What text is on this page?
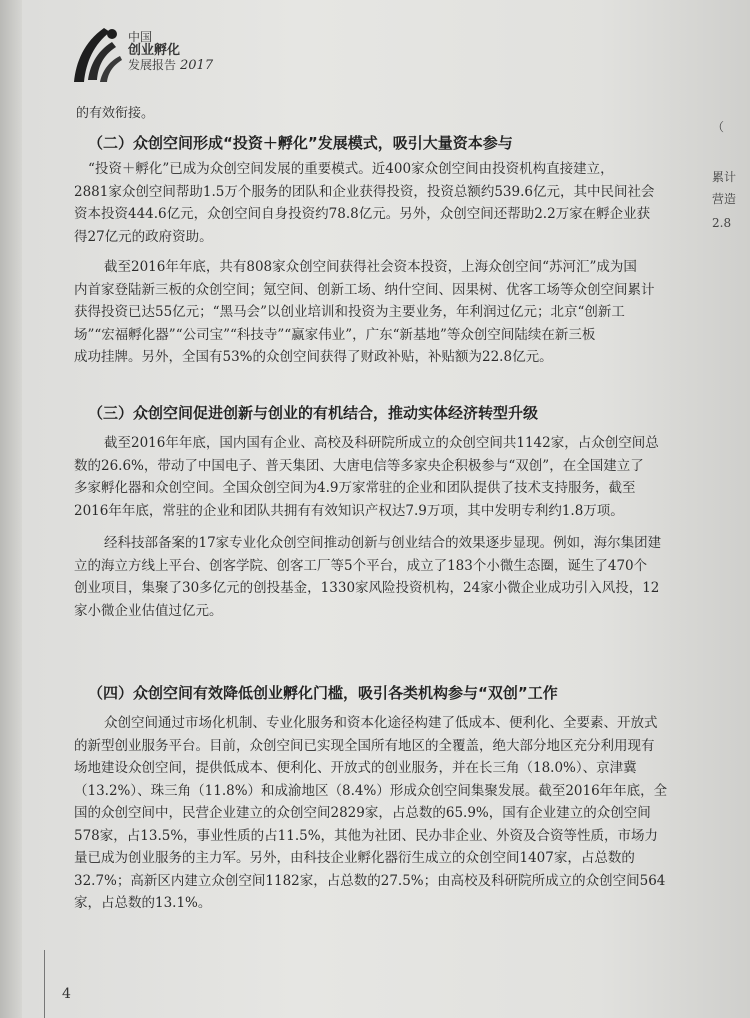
中国
创业孵化
发展报告 2017
的有效衔接。
（二）众创空间形成“投资＋孵化”发展模式，吸引大量资本参与
“投资＋孵化”已成为众创空间发展的重要模式。近400家众创空间由投资机构直接建立，
2881家众创空间帮助1.5万个服务的团队和企业获得投资，投资总额约539.6亿元，其中民间社会
资本投资444.6亿元，众创空间自身投资约78.8亿元。另外，众创空间还帮助2.2万家在孵企业获
得27亿元的政府资助。
截至2016年年底，共有808家众创空间获得社会资本投资，上海众创空间“苏河汇”成为国
内首家登陆新三板的众创空间；氪空间、创新工场、纳什空间、因果树、优客工场等众创空间累计
获得投资已达55亿元；“黑马会”以创业培训和投资为主要业务，年利润过亿元；北京“创新工
场”“宏福孵化器”“公司宝”“科技寺”“赢家伟业”，广东“新基地”等众创空间陆续在新三板
成功挂牌。另外，全国有53%的众创空间获得了财政补贴，补贴额为22.8亿元。
（三）众创空间促进创新与创业的有机结合，推动实体经济转型升级
截至2016年年底，国内国有企业、高校及科研院所成立的众创空间共1142家，占众创空间总
数的26.6%，带动了中国电子、普天集团、大唐电信等多家央企积极参与“双创”，在全国建立了
多家孵化器和众创空间。全国众创空间为4.9万家常驻的企业和团队提供了技术支持服务，截至
2016年年底，常驻的企业和团队共拥有有效知识产权达7.9万项，其中发明专利约1.8万项。
经科技部备案的17家专业化众创空间推动创新与创业结合的效果逐步显现。例如，海尔集团建
立的海立方线上平台、创客学院、创客工厂等5个平台，成立了183个小微生态圈，诞生了470个
创业项目，集聚了30多亿元的创投基金，1330家风险投资机构，24家小微企业成功引入风投，12
家小微企业估值过亿元。
（四）众创空间有效降低创业孵化门槛，吸引各类机构参与“双创”工作
众创空间通过市场化机制、专业化服务和资本化途径构建了低成本、便利化、全要素、开放式
的新型创业服务平台。目前，众创空间已实现全国所有地区的全覆盖，绝大部分地区充分利用现有
场地建设众创空间，提供低成本、便利化、开放式的创业服务，并在长三角（18.0%）、京津冀
（13.2%）、珠三角（11.8%）和成渝地区（8.4%）形成众创空间集聚发展。截至2016年年底，全
国的众创空间中，民营企业建立的众创空间2829家，占总数的65.9%，国有企业建立的众创空间
578家，占13.5%，事业性质的占11.5%，其他为社团、民办非企业、外资及合资等性质，市场力
量已成为创业服务的主力军。另外，由科技企业孵化器衍生成立的众创空间1407家，占总数的
32.7%；高新区内建立众创空间1182家，占总数的27.5%；由高校及科研院所成立的众创空间564
家，占总数的13.1%。
（
累计
营造
2.8
4
